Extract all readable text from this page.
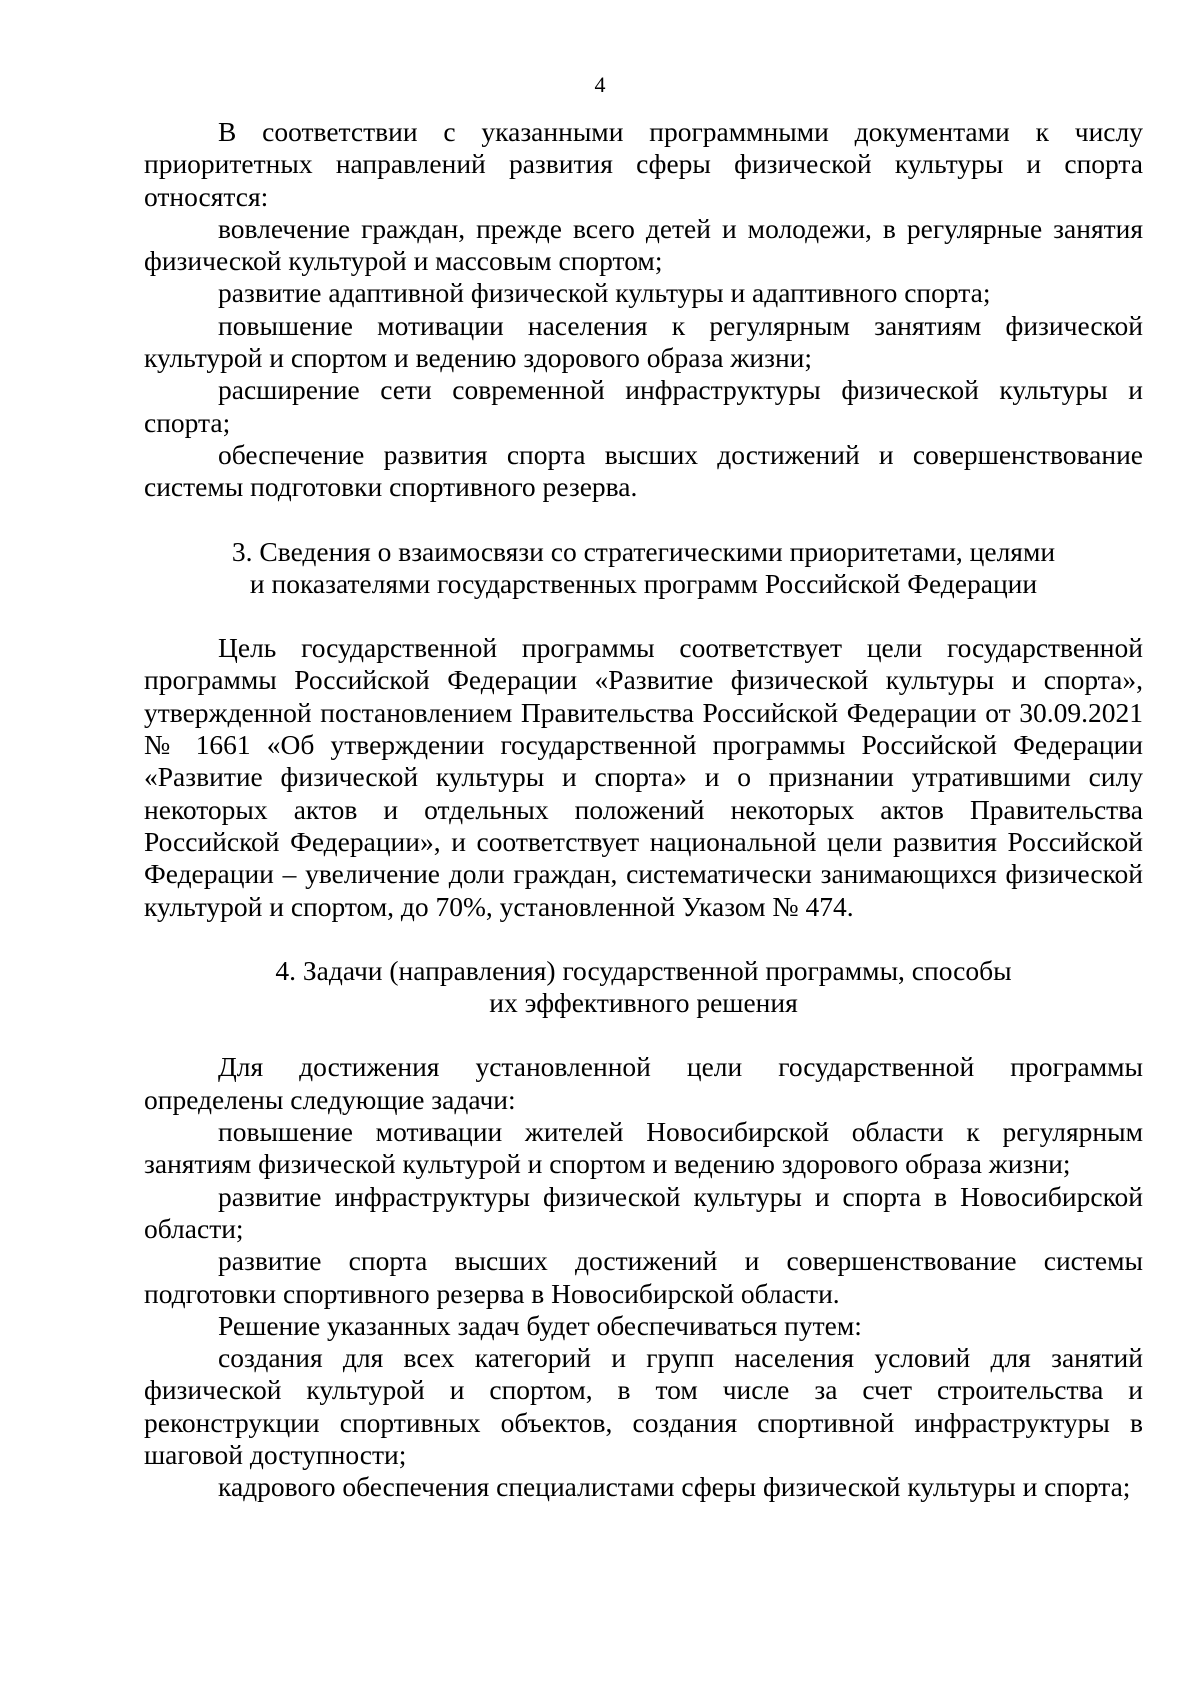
4

В соответствии с указанными программными документами к числу приоритетных направлений развития сферы физической культуры и спорта относятся:

вовлечение граждан, прежде всего детей и молодежи, в регулярные занятия физической культурой и массовым спортом;

развитие адаптивной физической культуры и адаптивного спорта;

повышение мотивации населения к регулярным занятиям физической культурой и спортом и ведению здорового образа жизни;

расширение сети современной инфраструктуры физической культуры и спорта;

обеспечение развития спорта высших достижений и совершенствование системы подготовки спортивного резерва.

3. Сведения о взаимосвязи со стратегическими приоритетами, целями
и показателями государственных программ Российской Федерации

Цель государственной программы соответствует цели государственной программы Российской Федерации «Развитие физической культуры и спорта», утвержденной постановлением Правительства Российской Федерации от 30.09.2021 № 1661 «Об утверждении государственной программы Российской Федерации «Развитие физической культуры и спорта» и о признании утратившими силу некоторых актов и отдельных положений некоторых актов Правительства Российской Федерации», и соответствует национальной цели развития Российской Федерации – увеличение доли граждан, систематически занимающихся физической культурой и спортом, до 70%, установленной Указом № 474.

4. Задачи (направления) государственной программы, способы
их эффективного решения

Для достижения установленной цели государственной программы определены следующие задачи:

повышение мотивации жителей Новосибирской области к регулярным занятиям физической культурой и спортом и ведению здорового образа жизни;

развитие инфраструктуры физической культуры и спорта в Новосибирской области;

развитие спорта высших достижений и совершенствование системы подготовки спортивного резерва в Новосибирской области.

Решение указанных задач будет обеспечиваться путем:

создания для всех категорий и групп населения условий для занятий физической культурой и спортом, в том числе за счет строительства и реконструкции спортивных объектов, создания спортивной инфраструктуры в шаговой доступности;

кадрового обеспечения специалистами сферы физической культуры и спорта;
